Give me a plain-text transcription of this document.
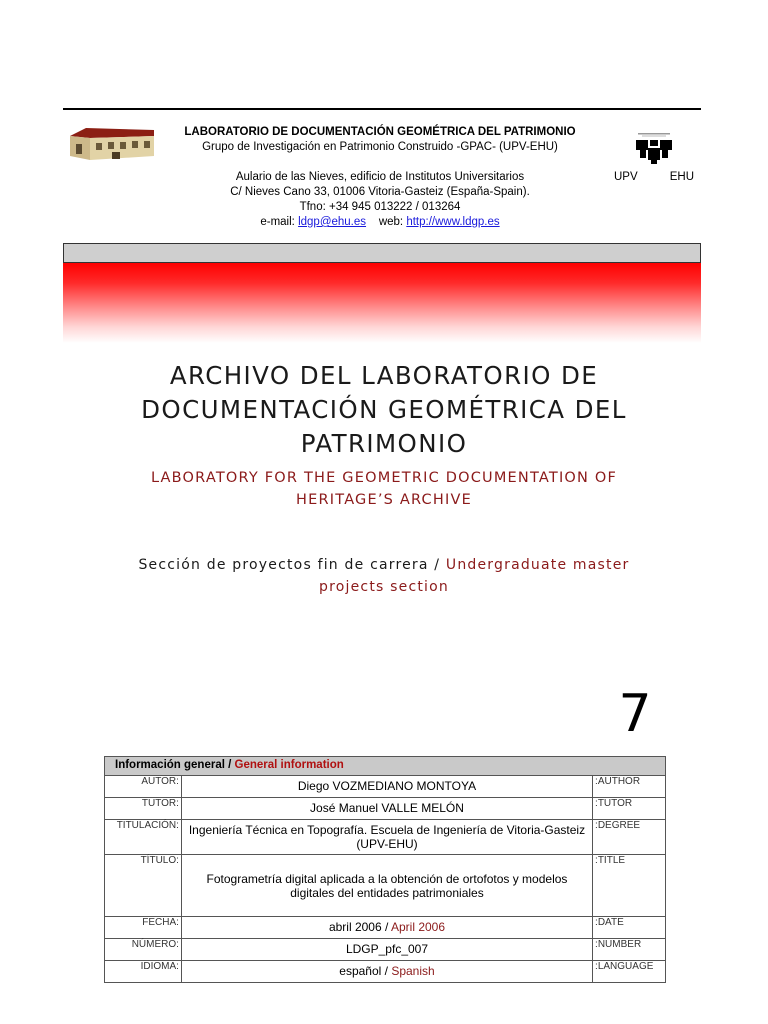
LABORATORIO DE DOCUMENTACIÓN GEOMÉTRICA DEL PATRIMONIO
Grupo de Investigación en Patrimonio Construido -GPAC- (UPV-EHU)
Aulario de las Nieves, edificio de Institutos Universitarios
C/ Nieves Cano 33, 01006 Vitoria-Gasteiz (España-Spain).
Tfno: +34 945 013222 / 013264
e-mail: ldgp@ehu.es web: http://www.ldgp.es
UPV	EHU
ARCHIVO DEL LABORATORIO DE
DOCUMENTACIÓN GEOMÉTRICA DEL
PATRIMONIO
LABORATORY FOR THE GEOMETRIC DOCUMENTATION OF
HERITAGE’S ARCHIVE
Sección de proyectos fin de carrera / Undergraduate master
projects section
7
Información general / General information		
AUTOR:	Diego VOZMEDIANO MONTOYA	:AUTHOR
TUTOR:	José Manuel VALLE MELÓN	:TUTOR
TITULACIÓN:	Ingeniería Técnica en Topografía. Escuela de Ingeniería de Vitoria-Gasteiz (UPV-EHU)	:DEGREE
TÍTULO:	Fotogrametría digital aplicada a la obtención de ortofotos y modelos digitales del entidades patrimoniales	:TITLE
FECHA:	abril 2006 / April 2006	:DATE
NÚMERO:	LDGP_pfc_007	:NUMBER
IDIOMA:	español / Spanish	:LANGUAGE
